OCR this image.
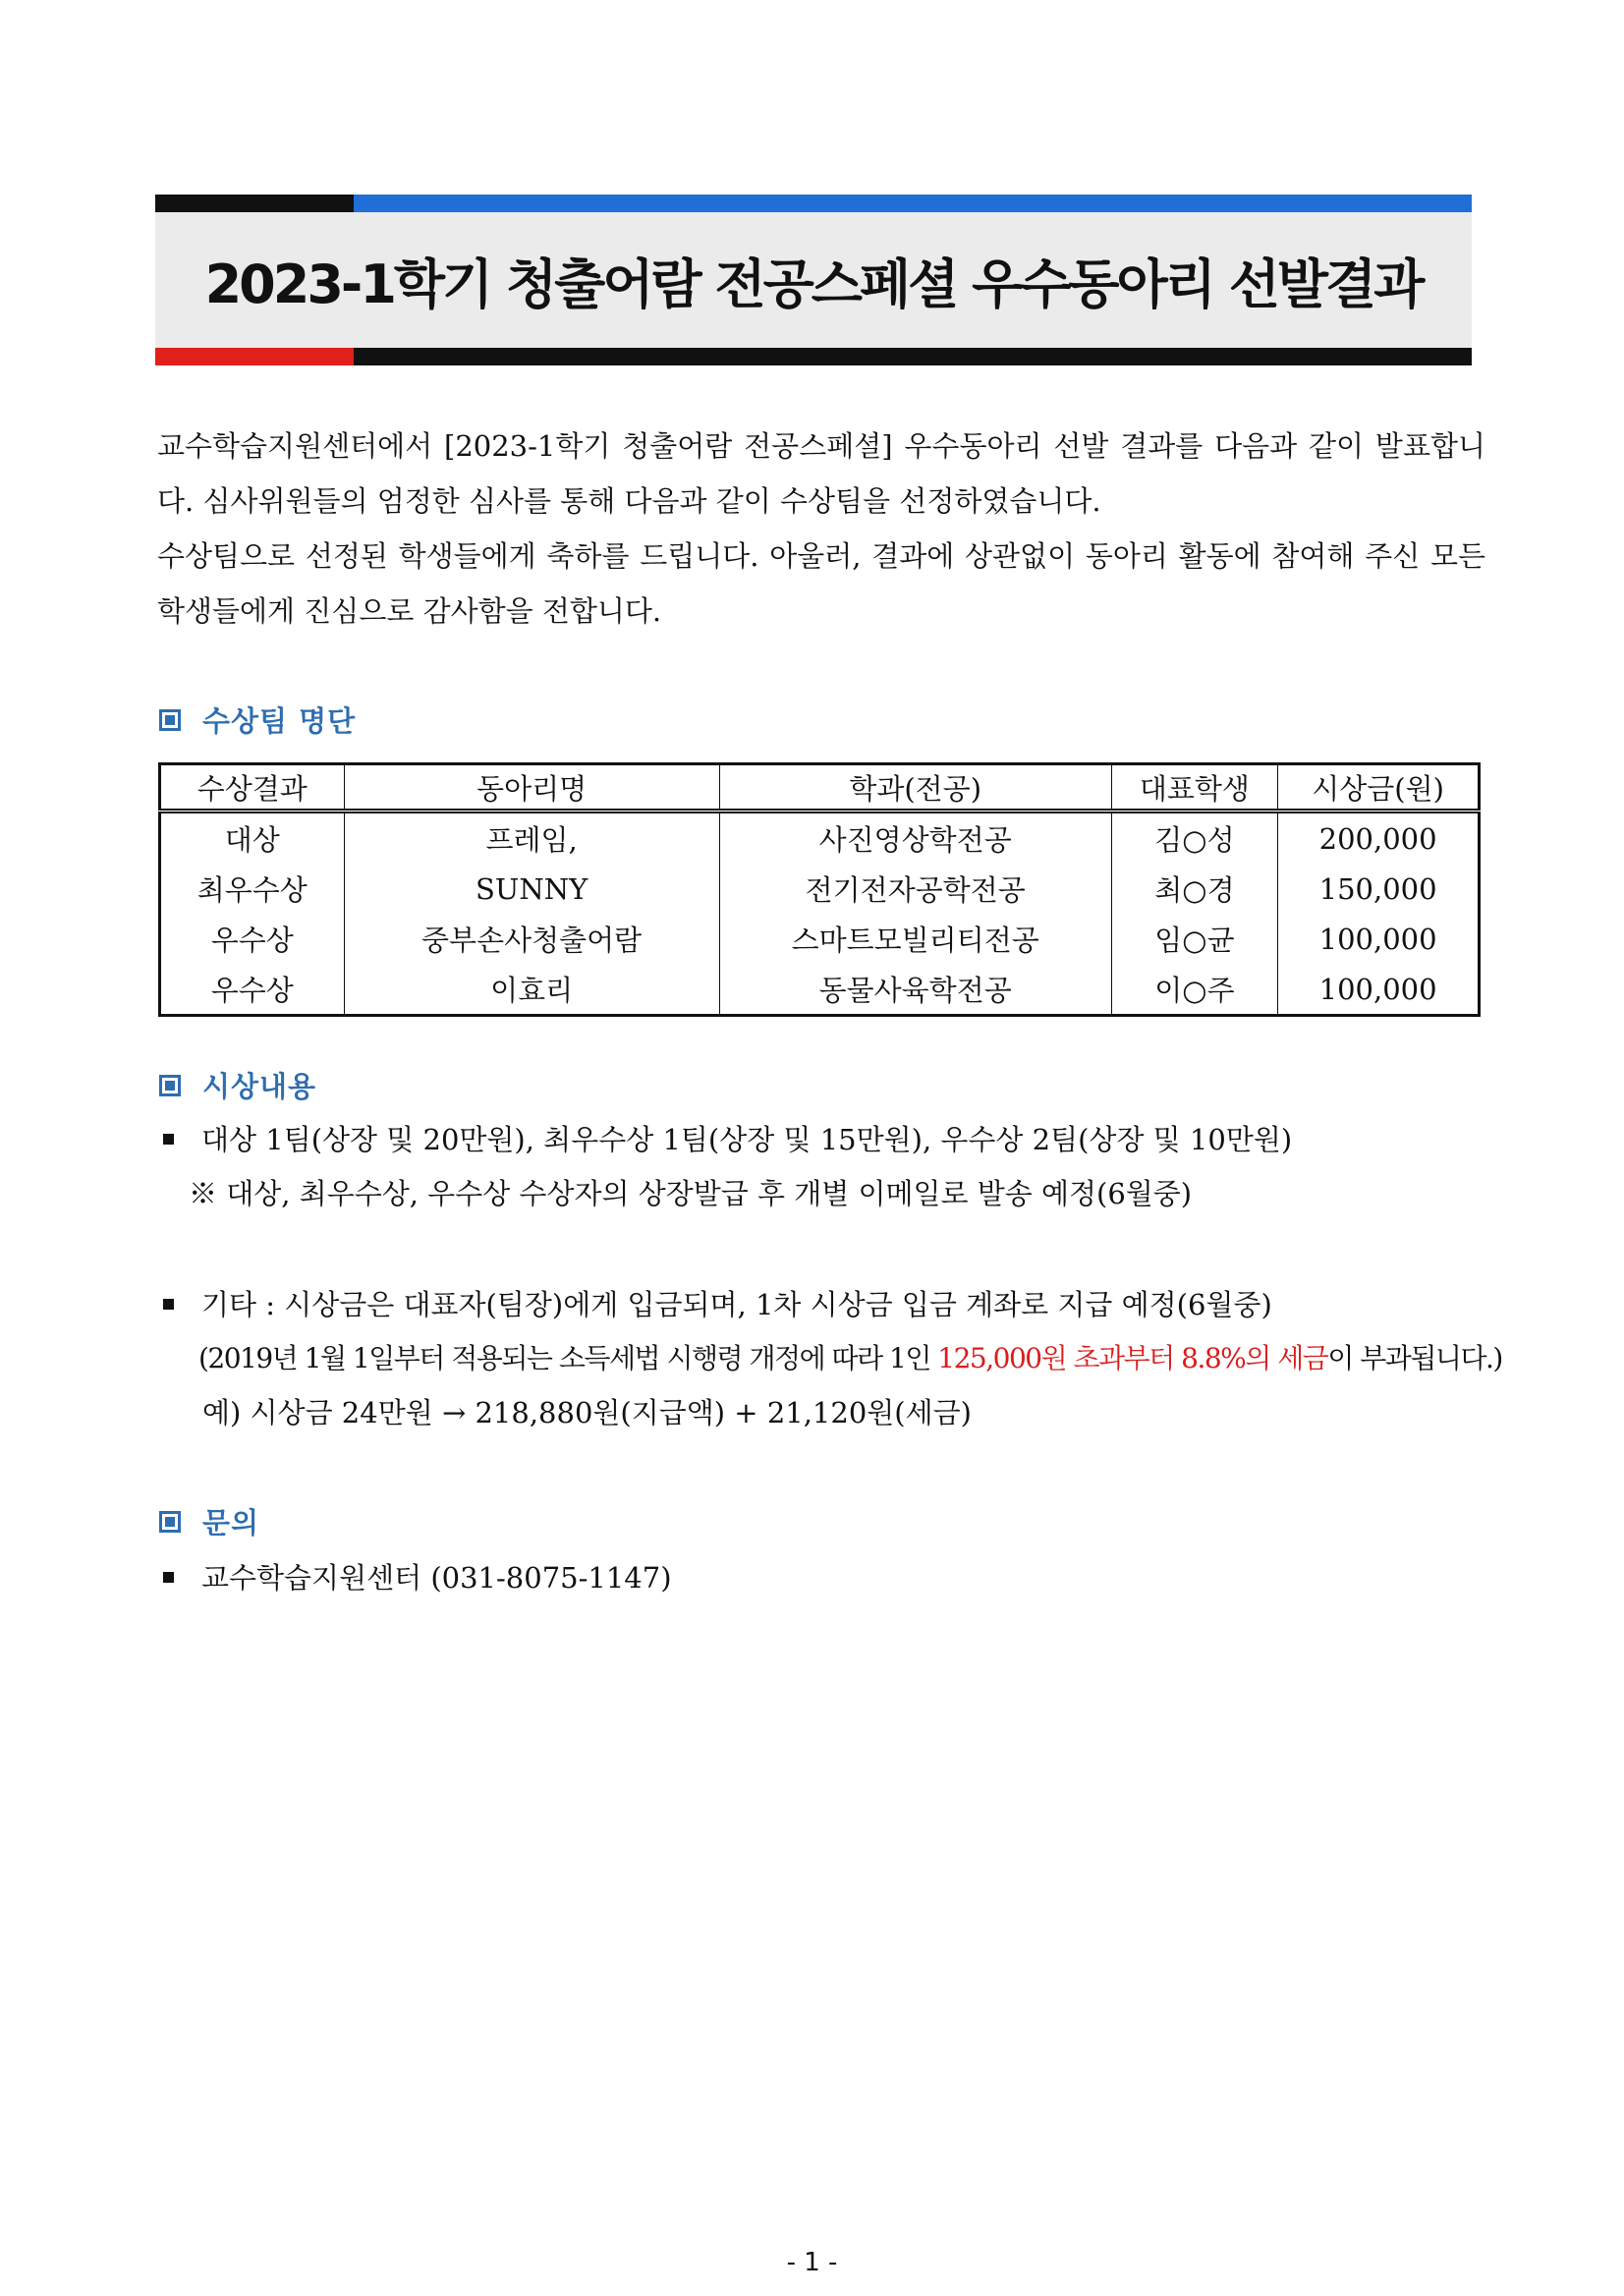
2023-1학기 청출어람 전공스페셜 우수동아리 선발결과

교수학습지원센터에서 [2023-1학기 청출어람 전공스페셜] 우수동아리 선발 결과를 다음과 같이 발표합니다. 심사위원들의 엄정한 심사를 통해 다음과 같이 수상팀을 선정하였습니다.

수상팀으로 선정된 학생들에게 축하를 드립니다. 아울러, 결과에 상관없이 동아리 활동에 참여해 주신 모든 학생들에게 진심으로 감사함을 전합니다.

수상팀 명단
수상결과	동아리명	학과(전공)	대표학생	시상금(원)
대상	프레임,	사진영상학전공	김○성	200,000
최우수상	SUNNY	전기전자공학전공	최○경	150,000
우수상	중부손사청출어람	스마트모빌리티전공	임○균	100,000
우수상	이효리	동물사육학전공	이○주	100,000
시상내용
대상 1팀(상장 및 20만원), 최우수상 1팀(상장 및 15만원), 우수상 2팀(상장 및 10만원)
※ 대상, 최우수상, 우수상 수상자의 상장발급 후 개별 이메일로 발송 예정(6월중)
기타 : 시상금은 대표자(팀장)에게 입금되며, 1차 시상금 입금 계좌로 지급 예정(6월중)
(2019년 1월 1일부터 적용되는 소득세법 시행령 개정에 따라 1인 125,000원 초과부터 8.8%의 세금이 부과됩니다.)
예) 시상금 24만원 → 218,880원(지급액) + 21,120원(세금)
문의
교수학습지원센터 (031-8075-1147)
- 1 -
